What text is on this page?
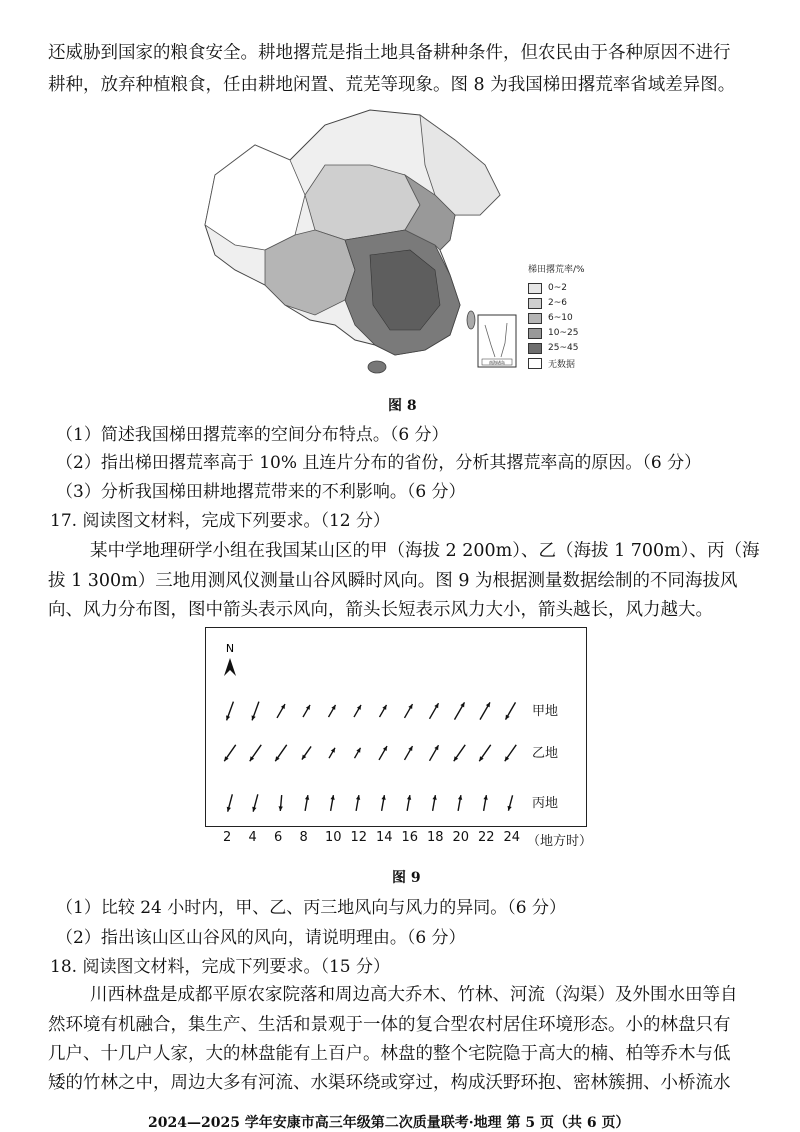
还威胁到国家的粮食安全。耕地撂荒是指土地具备耕种条件，但农民由于各种原因不进行
耕种，放弃种植粮食，任由耕地闲置、荒芜等现象。图 8 为我国梯田撂荒率省域差异图。
南海诸岛
梯田撂荒率/%
0~2
2~6
6~10
10~25
25~45
无数据
图 8
（1）简述我国梯田撂荒率的空间分布特点。（6 分）
（2）指出梯田撂荒率高于 10% 且连片分布的省份，分析其撂荒率高的原因。（6 分）
（3）分析我国梯田耕地撂荒带来的不利影响。（6 分）
17. 阅读图文材料，完成下列要求。（12 分）
某中学地理研学小组在我国某山区的甲（海拔 2 200m）、乙（海拔 1 700m）、丙（海
拔 1 300m）三地用测风仪测量山谷风瞬时风向。图 9 为根据测量数据绘制的不同海拔风
向、风力分布图，图中箭头表示风向，箭头长短表示风力大小，箭头越长，风力越大。
N
甲地
乙地
丙地
2 4 6 8 10 12 14 16 18 20 22 24 （地方时）
图 9
（1）比较 24 小时内，甲、乙、丙三地风向与风力的异同。（6 分）
（2）指出该山区山谷风的风向，请说明理由。（6 分）
18. 阅读图文材料，完成下列要求。（15 分）
川西林盘是成都平原农家院落和周边高大乔木、竹林、河流（沟渠）及外围水田等自
然环境有机融合，集生产、生活和景观于一体的复合型农村居住环境形态。小的林盘只有
几户、十几户人家，大的林盘能有上百户。林盘的整个宅院隐于高大的楠、柏等乔木与低
矮的竹林之中，周边大多有河流、水渠环绕或穿过，构成沃野环抱、密林簇拥、小桥流水
2024—2025 学年安康市高三年级第二次质量联考·地理 第 5 页（共 6 页）
